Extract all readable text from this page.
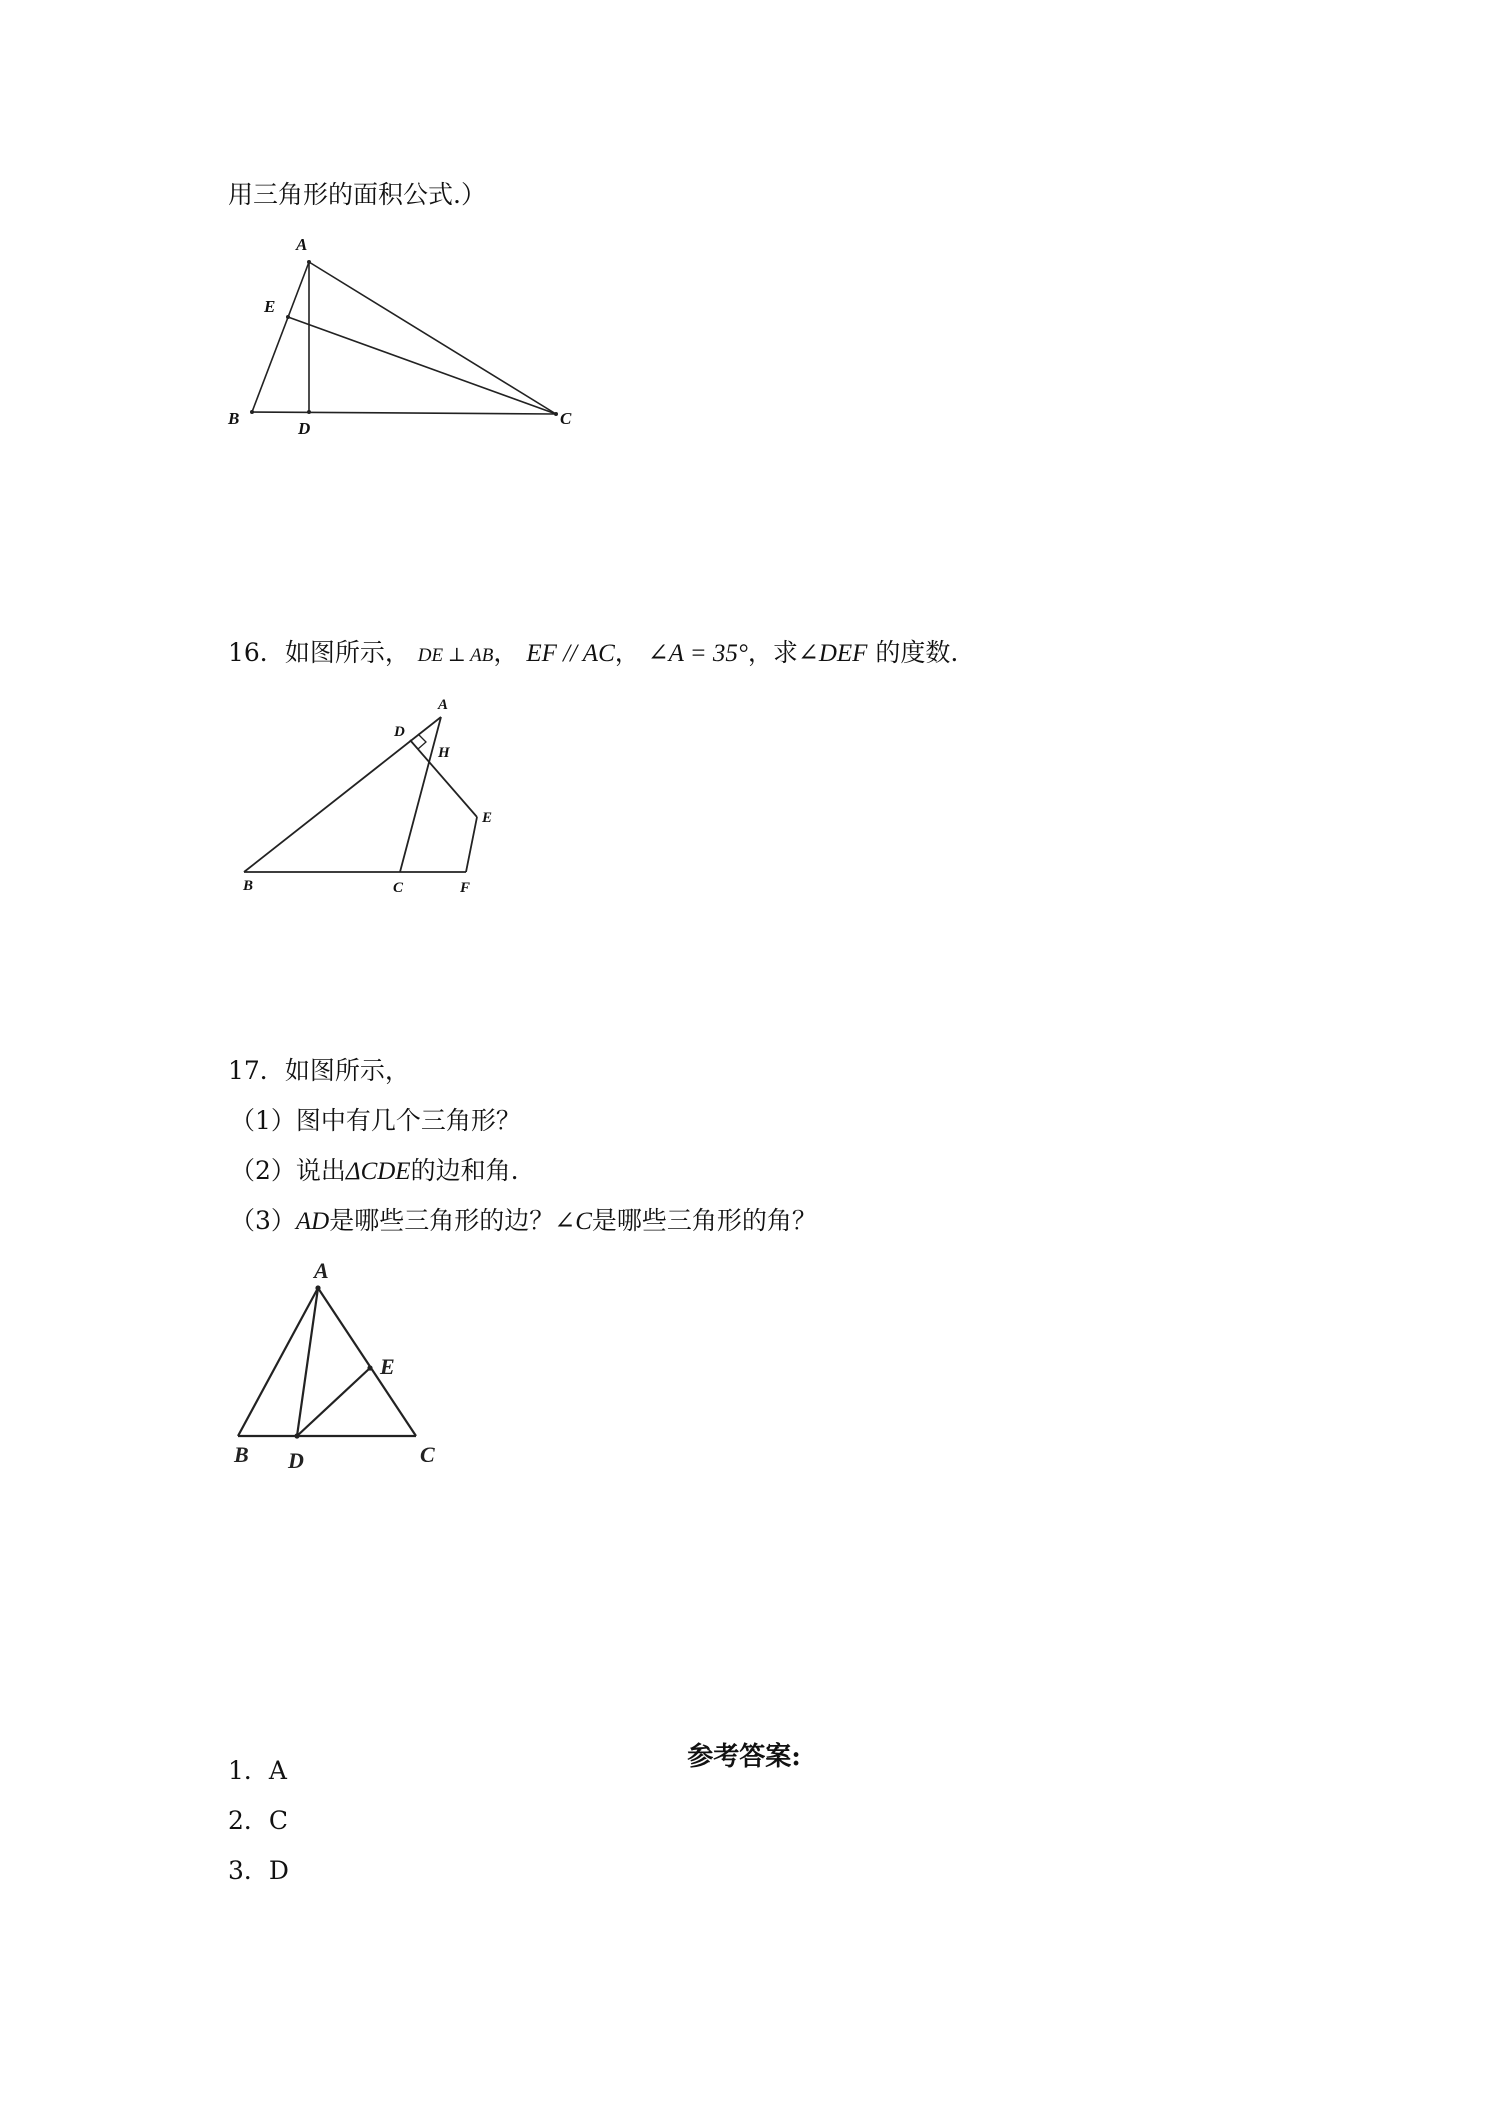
用三角形的面积公式.）
A
E
B
D
C
16．如图所示， DE ⊥ AB， EF // AC， ∠A = 35°，求∠DEF 的度数.
A
D
H
E
B	C	F
17．如图所示，
（1）图中有几个三角形？
（2）说出ΔCDE的边和角.
（3）AD是哪些三角形的边？∠C是哪些三角形的角？
A
E
B D	C
参考答案:
1．A
2．C
3．D
